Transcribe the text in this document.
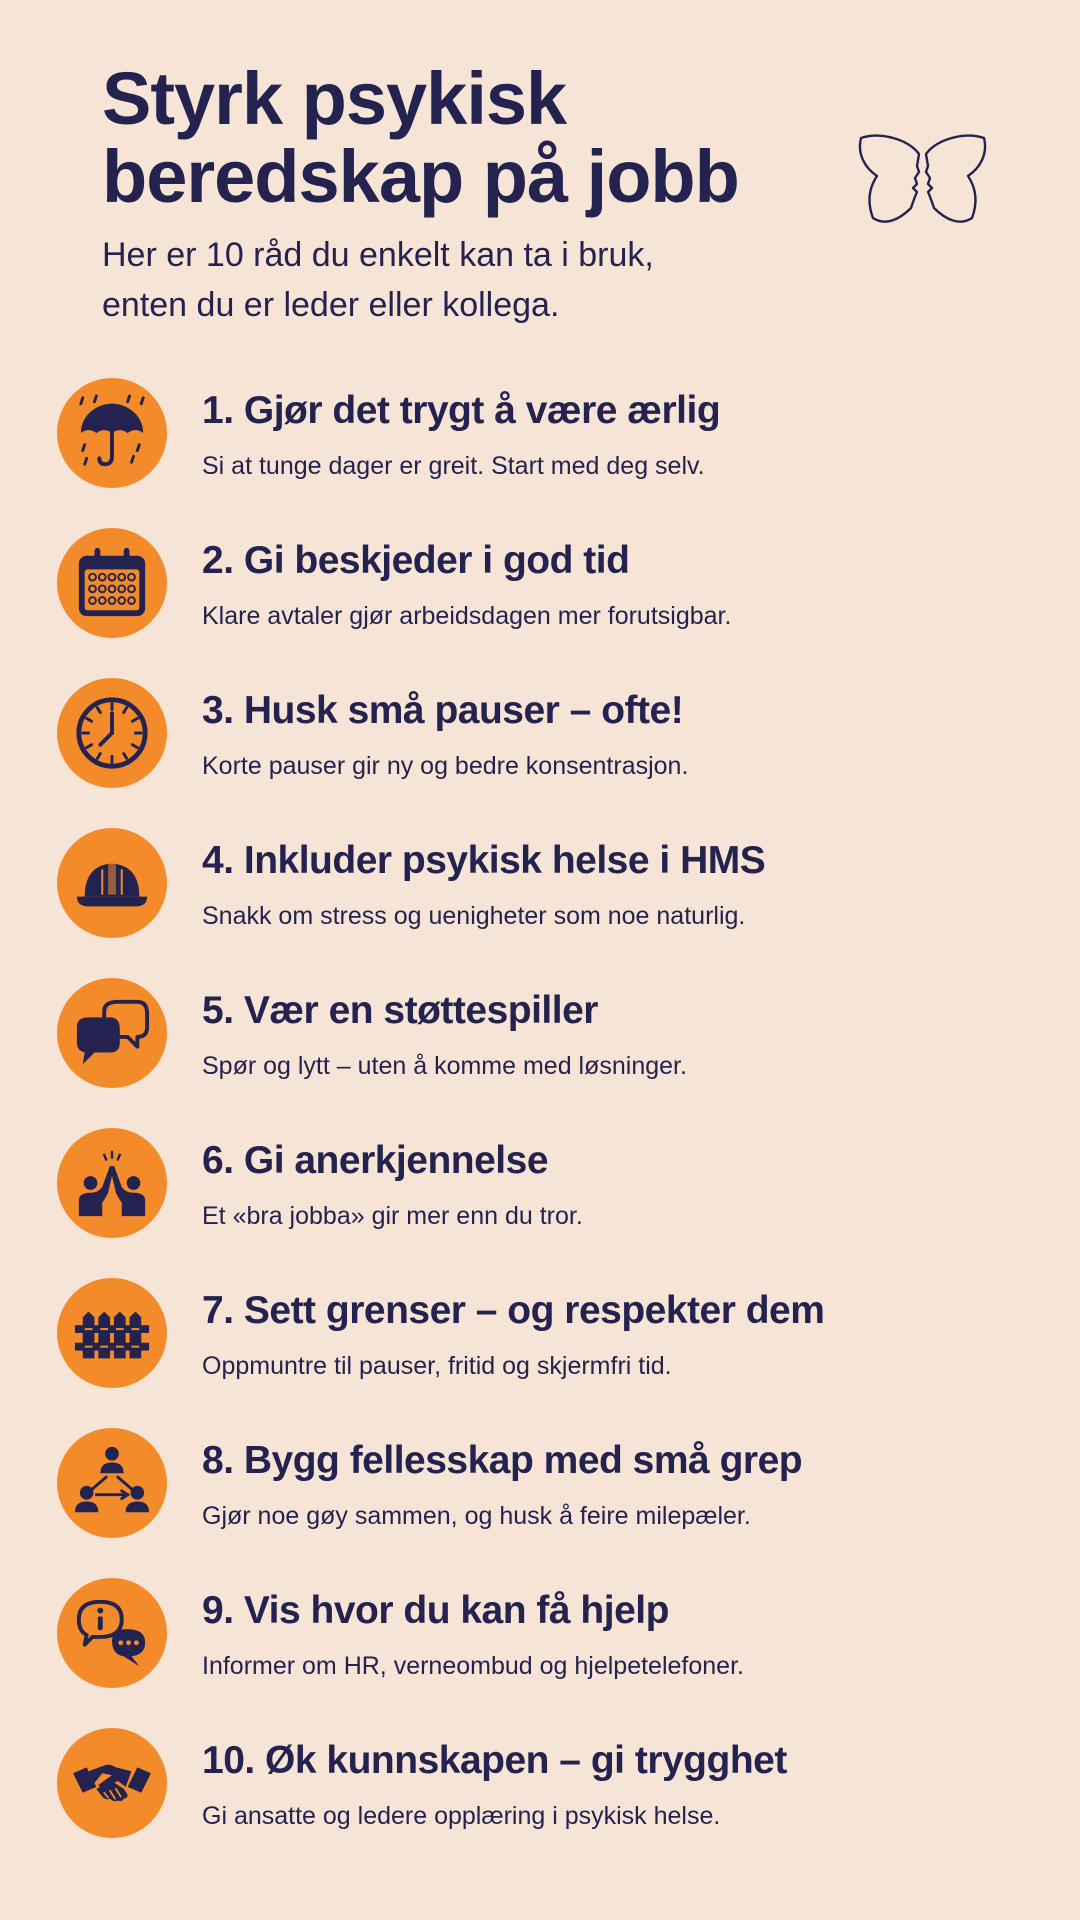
Styrk psykisk
beredskap på jobb
Her er 10 råd du enkelt kan ta i bruk,
enten du er leder eller kollega.
1. Gjør det trygt å være ærlig
Si at tunge dager er greit. Start med deg selv.
2. Gi beskjeder i god tid
Klare avtaler gjør arbeidsdagen mer forutsigbar.
3. Husk små pauser – ofte!
Korte pauser gir ny og bedre konsentrasjon.
4. Inkluder psykisk helse i HMS
Snakk om stress og uenigheter som noe naturlig.
5. Vær en støttespiller
Spør og lytt – uten å komme med løsninger.
6. Gi anerkjennelse
Et «bra jobba» gir mer enn du tror.
7. Sett grenser – og respekter dem
Oppmuntre til pauser, fritid og skjermfri tid.
8. Bygg fellesskap med små grep
Gjør noe gøy sammen, og husk å feire milepæler.
9. Vis hvor du kan få hjelp
Informer om HR, verneombud og hjelpetelefoner.
10. Øk kunnskapen – gi trygghet
Gi ansatte og ledere opplæring i psykisk helse.
